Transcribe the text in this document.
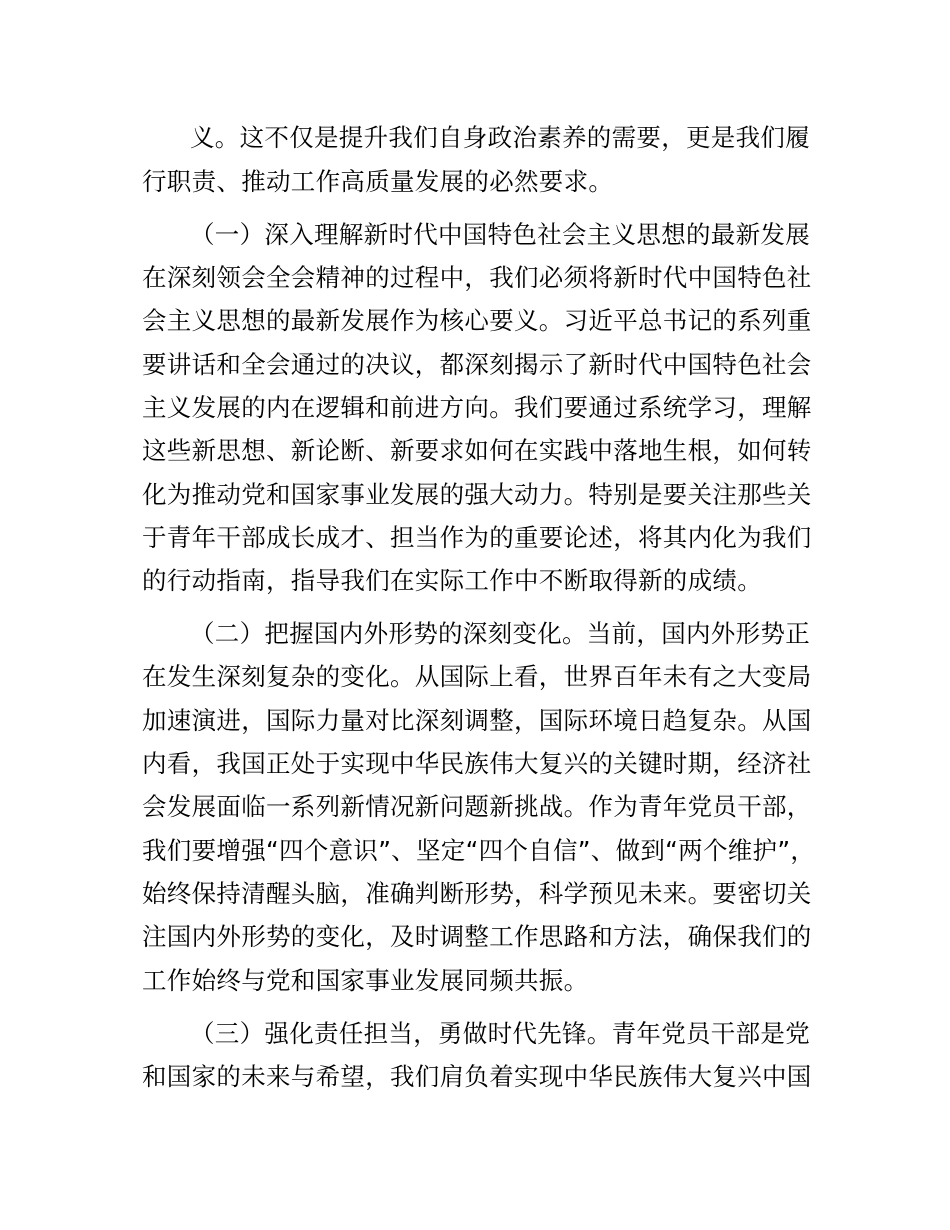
义。这不仅是提升我们自身政治素养的需要，更是我们履
行职责、推动工作高质量发展的必然要求。
（一）深入理解新时代中国特色社会主义思想的最新发展
在深刻领会全会精神的过程中，我们必须将新时代中国特色社
会主义思想的最新发展作为核心要义。习近平总书记的系列重
要讲话和全会通过的决议，都深刻揭示了新时代中国特色社会
主义发展的内在逻辑和前进方向。我们要通过系统学习，理解
这些新思想、新论断、新要求如何在实践中落地生根，如何转
化为推动党和国家事业发展的强大动力。特别是要关注那些关
于青年干部成长成才、担当作为的重要论述，将其内化为我们
的行动指南，指导我们在实际工作中不断取得新的成绩。
（二）把握国内外形势的深刻变化。当前，国内外形势正
在发生深刻复杂的变化。从国际上看，世界百年未有之大变局
加速演进，国际力量对比深刻调整，国际环境日趋复杂。从国
内看，我国正处于实现中华民族伟大复兴的关键时期，经济社
会发展面临一系列新情况新问题新挑战。作为青年党员干部，
我们要增强“四个意识”、坚定“四个自信”、做到“两个维护”，
始终保持清醒头脑，准确判断形势，科学预见未来。要密切关
注国内外形势的变化，及时调整工作思路和方法，确保我们的
工作始终与党和国家事业发展同频共振。
（三）强化责任担当，勇做时代先锋。青年党员干部是党
和国家的未来与希望，我们肩负着实现中华民族伟大复兴中国
